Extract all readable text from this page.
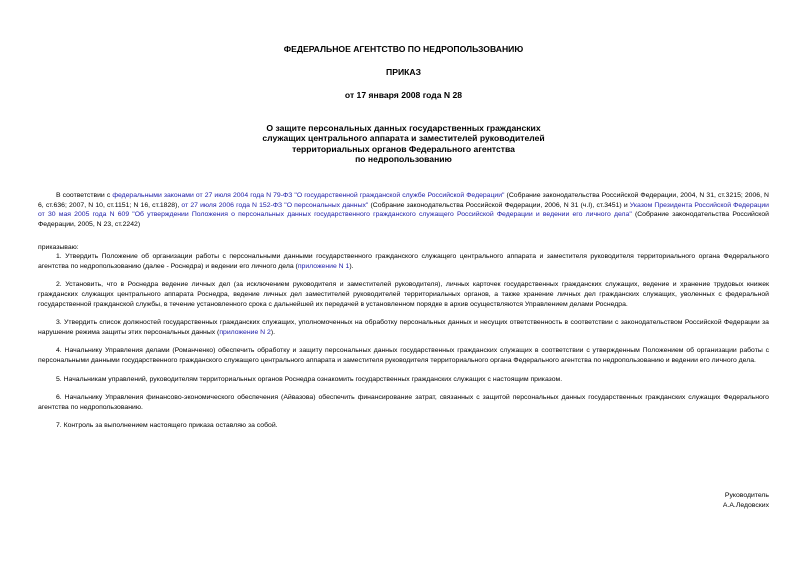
ФЕДЕРАЛЬНОЕ АГЕНТСТВО ПО НЕДРОПОЛЬЗОВАНИЮ
ПРИКАЗ
от 17 января 2008 года N 28
О защите персональных данных государственных гражданских
служащих центрального аппарата и заместителей руководителей
территориальных органов Федерального агентства
по недропользованию

В соответствии с федеральными законами от 27 июля 2004 года N 79-ФЗ "О государственной гражданской службе Российской Федерации" (Собрание законодательства Российской Федерации, 2004, N 31, ст.3215; 2006, N 6, ст.636; 2007, N 10, ст.1151; N 16, ст.1828), от 27 июля 2006 года N 152-ФЗ "О персональных данных" (Собрание законодательства Российской Федерации, 2006, N 31 (ч.I), ст.3451) и Указом Президента Российской Федерации от 30 мая 2005 года N 609 "Об утверждении Положения о персональных данных государственного гражданского служащего Российской Федерации и ведении его личного дела" (Собрание законодательства Российской Федерации, 2005, N 23, ст.2242)

приказываю:

1. Утвердить Положение об организации работы с персональными данными государственного гражданского служащего центрального аппарата и заместителя руководителя территориального органа Федерального агентства по недропользованию (далее - Роснедра) и ведении его личного дела (приложение N 1).

2. Установить, что в Роснедра ведение личных дел (за исключением руководителя и заместителей руководителя), личных карточек государственных гражданских служащих, ведение и хранение трудовых книжек гражданских служащих центрального аппарата Роснедра, ведение личных дел заместителей руководителей территориальных органов, а также хранение личных дел гражданских служащих, уволенных с федеральной государственной гражданской службы, в течение установленного срока с дальнейшей их передачей в установленном порядке в архив осуществляются Управлением делами Роснедра.

3. Утвердить список должностей государственных гражданских служащих, уполномоченных на обработку персональных данных и несущих ответственность в соответствии с законодательством Российской Федерации за нарушение режима защиты этих персональных данных (приложение N 2).

4. Начальнику Управления делами (Романченко) обеспечить обработку и защиту персональных данных государственных гражданских служащих в соответствии с утвержденным Положением об организации работы с персональными данными государственного гражданского служащего центрального аппарата и заместителя руководителя территориального органа Федерального агентства по недропользованию и ведении его личного дела.

5. Начальникам управлений, руководителям территориальных органов Роснедра ознакомить государственных гражданских служащих с настоящим приказом.

6. Начальнику Управления финансово-экономического обеспечения (Айвазова) обеспечить финансирование затрат, связанных с защитой персональных данных государственных гражданских служащих Федерального агентства по недропользованию.

7. Контроль за выполнением настоящего приказа оставляю за собой.

Руководитель
А.А.Ледовских
